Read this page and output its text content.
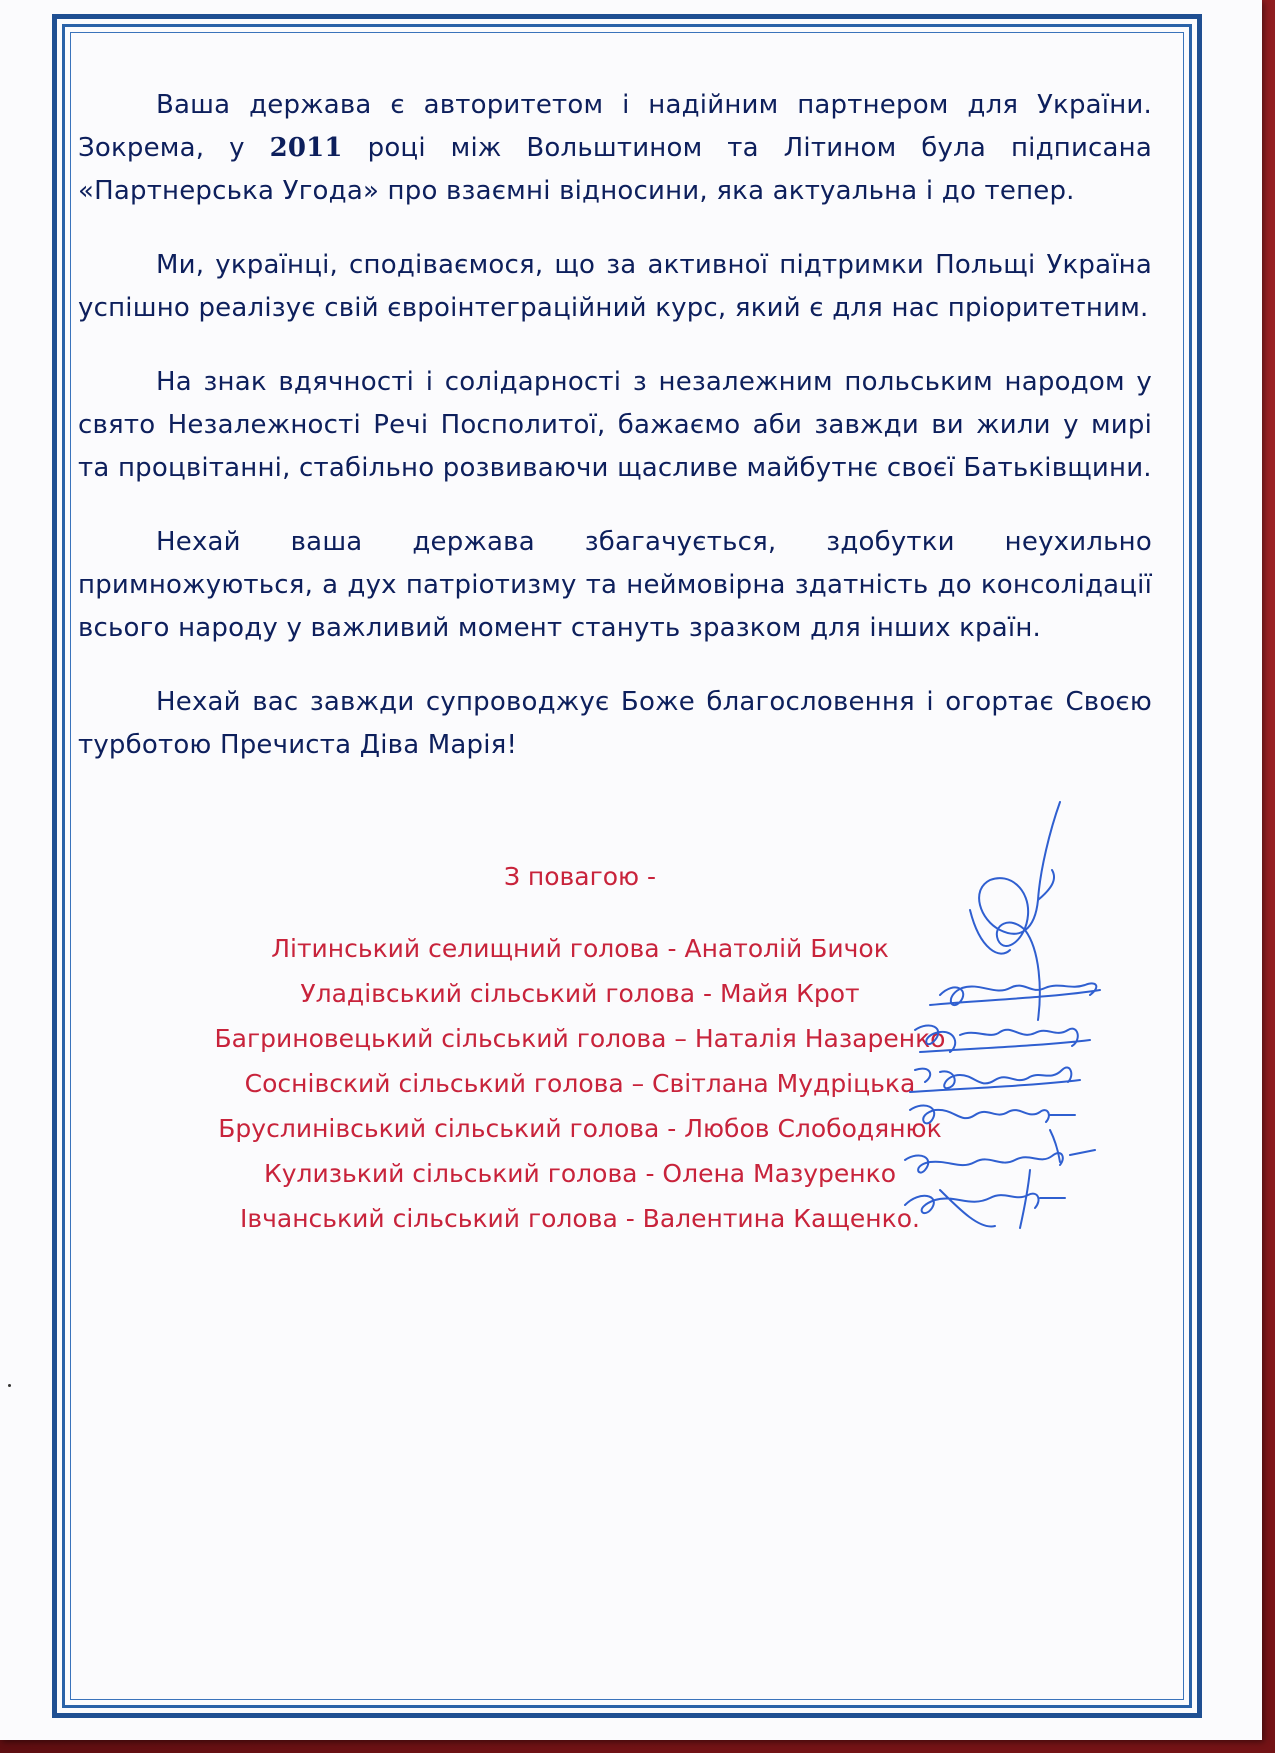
Ваша держава є авторитетом і надійним партнером для України. Зокрема, у 2011 році між Вольштином та Літином була підписана «Партнерська Угода» про взаємні відносини, яка актуальна і до тепер.

Ми, українці, сподіваємося, що за активної підтримки Польщі Україна успішно реалізує свій євроінтеграційний курс, який є для нас пріоритетним.

На знак вдячності і солідарності з незалежним польським народом у свято Незалежності Речі Посполитої, бажаємо аби завжди ви жили у мирі та процвітанні, стабільно розвиваючи щасливе майбутнє своєї Батьківщини.

Нехай ваша держава збагачується, здобутки неухильно примножуються, а дух патріотизму та неймовірна здатність до консолідації всього народу у важливий момент стануть зразком для інших країн.

Нехай вас завжди супроводжує Боже благословення і огортає Своєю турботою Пречиста Діва Марія!

З повагою -
Літинський селищний голова - Анатолій Бичок
Уладівський сільський голова - Майя Крот
Багриновецький сільський голова – Наталія Назаренко
Соснівский сільський голова – Світлана Мудріцька
Бруслинівський сільський голова - Любов Слободянюк
Кулизький сільський голова - Олена Мазуренко
Івчанський сільський голова - Валентина Кащенко.
